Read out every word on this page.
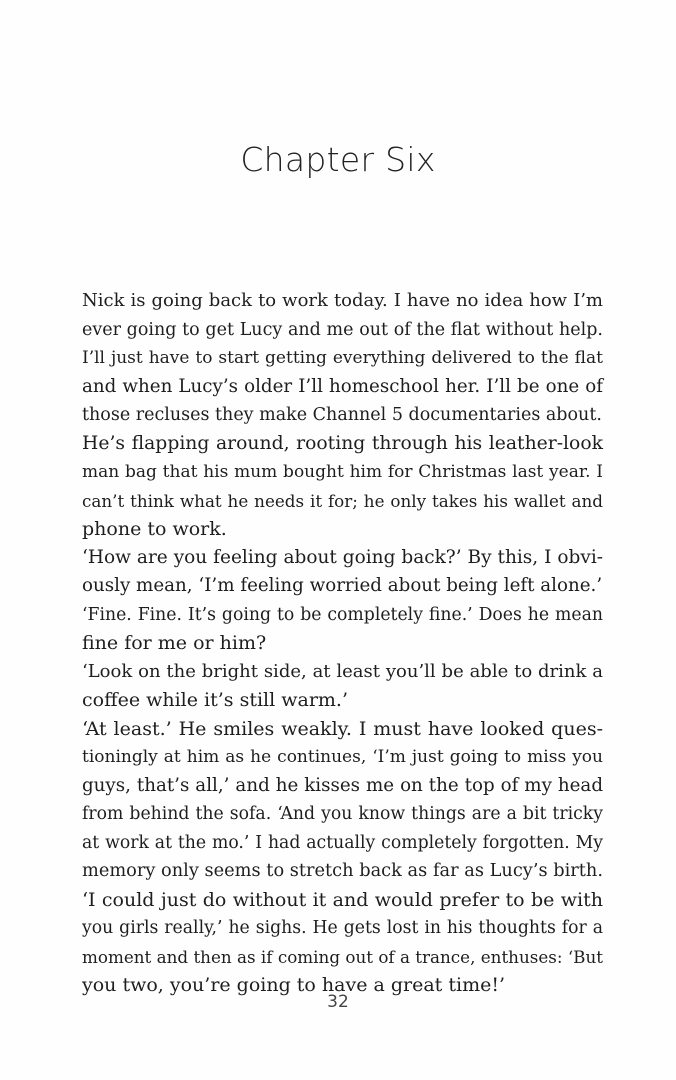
Chapter Six
Nick is going back to work today. I have no idea how I’m
ever going to get Lucy and me out of the flat without help.
I’ll just have to start getting everything delivered to the flat
and when Lucy’s older I’ll homeschool her. I’ll be one of
those recluses they make Channel 5 documentaries about.
He’s flapping around, rooting through his leather-look
man bag that his mum bought him for Christmas last year. I
can’t think what he needs it for; he only takes his wallet and
phone to work.
‘How are you feeling about going back?’ By this, I obvi-
ously mean, ‘I’m feeling worried about being left alone.’
‘Fine. Fine. It’s going to be completely fine.’ Does he mean
fine for me or him?
‘Look on the bright side, at least you’ll be able to drink a
coffee while it’s still warm.’
‘At least.’ He smiles weakly. I must have looked ques-
tioningly at him as he continues, ‘I’m just going to miss you
guys, that’s all,’ and he kisses me on the top of my head
from behind the sofa. ‘And you know things are a bit tricky
at work at the mo.’ I had actually completely forgotten. My
memory only seems to stretch back as far as Lucy’s birth.
‘I could just do without it and would prefer to be with
you girls really,’ he sighs. He gets lost in his thoughts for a
moment and then as if coming out of a trance, enthuses: ‘But
you two, you’re going to have a great time!’
32
